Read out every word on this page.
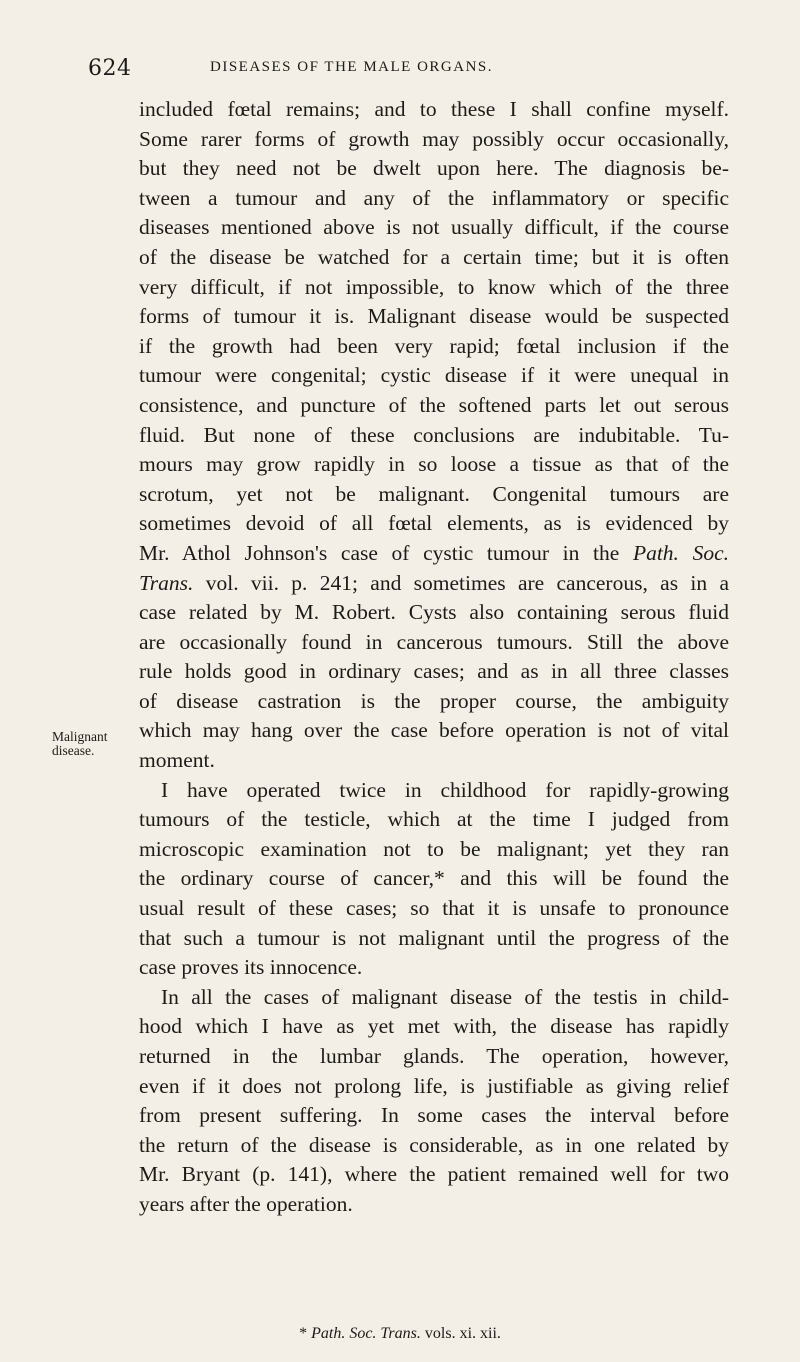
624	DISEASES OF THE MALE ORGANS.
Malignant
disease.
included fœtal remains; and to these I shall confine myself.
Some rarer forms of growth may possibly occur occasionally,
but they need not be dwelt upon here. The diagnosis be-
tween a tumour and any of the inflammatory or specific
diseases mentioned above is not usually difficult, if the course
of the disease be watched for a certain time; but it is often
very difficult, if not impossible, to know which of the three
forms of tumour it is. Malignant disease would be suspected
if the growth had been very rapid; fœtal inclusion if the
tumour were congenital; cystic disease if it were unequal in
consistence, and puncture of the softened parts let out serous
fluid. But none of these conclusions are indubitable. Tu-
mours may grow rapidly in so loose a tissue as that of the
scrotum, yet not be malignant. Congenital tumours are
sometimes devoid of all fœtal elements, as is evidenced by
Mr. Athol Johnson's case of cystic tumour in the Path. Soc.
Trans. vol. vii. p. 241; and sometimes are cancerous, as in a
case related by M. Robert. Cysts also containing serous fluid
are occasionally found in cancerous tumours. Still the above
rule holds good in ordinary cases; and as in all three classes
of disease castration is the proper course, the ambiguity
which may hang over the case before operation is not of vital
moment.
I have operated twice in childhood for rapidly-growing
tumours of the testicle, which at the time I judged from
microscopic examination not to be malignant; yet they ran
the ordinary course of cancer,* and this will be found the
usual result of these cases; so that it is unsafe to pronounce
that such a tumour is not malignant until the progress of the
case proves its innocence.
In all the cases of malignant disease of the testis in child-
hood which I have as yet met with, the disease has rapidly
returned in the lumbar glands. The operation, however,
even if it does not prolong life, is justifiable as giving relief
from present suffering. In some cases the interval before
the return of the disease is considerable, as in one related by
Mr. Bryant (p. 141), where the patient remained well for two
years after the operation.
* Path. Soc. Trans. vols. xi. xii.
